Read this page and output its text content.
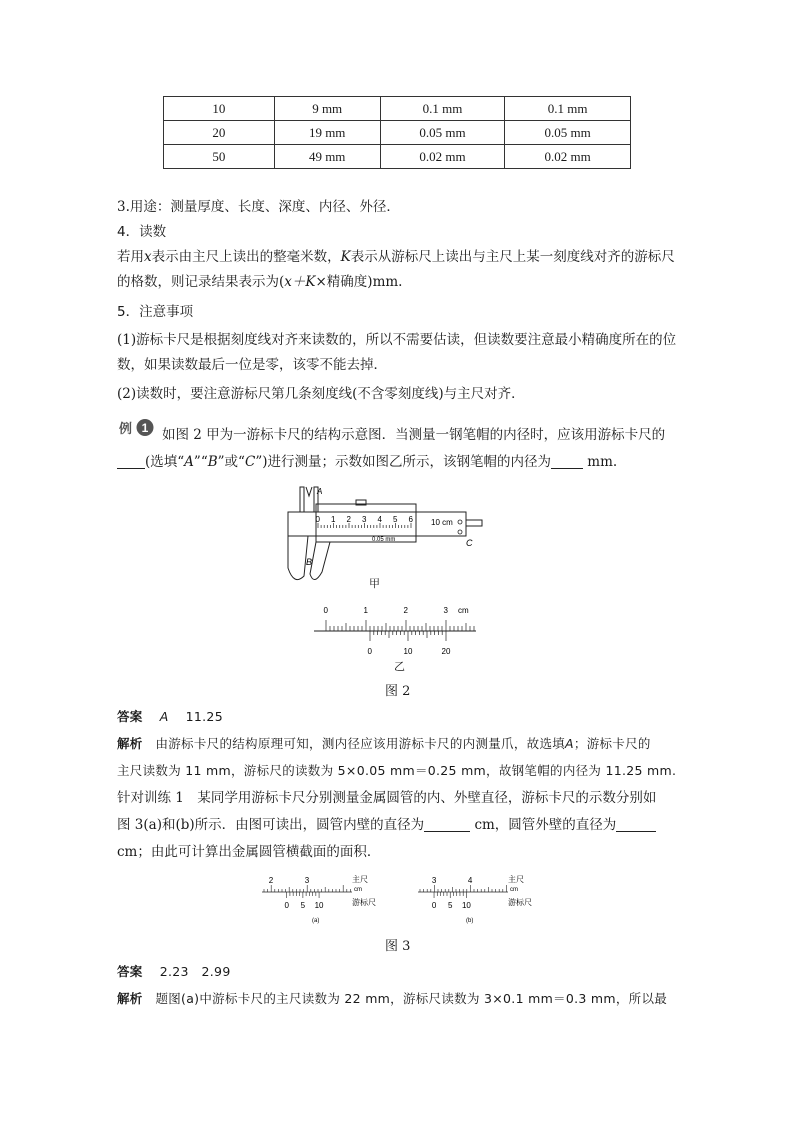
10	9 mm	0.1 mm	0.1 mm
20	19 mm	0.05 mm	0.05 mm
50	49 mm	0.02 mm	0.02 mm
3.用途：测量厚度、长度、深度、内径、外径．
4．读数
若用x表示由主尺上读出的整毫米数，K表示从游标尺上读出与主尺上某一刻度线对齐的游标尺的格数，则记录结果表示为(x＋K×精确度)mm.
5．注意事项
(1)游标卡尺是根据刻度线对齐来读数的，所以不需要估读，但读数要注意最小精确度所在的位数，如果读数最后一位是零，该零不能去掉．
(2)读数时，要注意游标尺第几条刻度线(不含零刻度线)与主尺对齐．
例 1 如图 2 甲为一游标卡尺的结构示意图．当测量一钢笔帽的内径时，应该用游标卡尺的
(选填“A”“B”或“C”)进行测量；示数如图乙所示，该钢笔帽的内径为	mm.
0 1 2 3 4 5 6
A
10 cm
0.05 mm
B
C
甲
0	1	2	3
0	10	20
cm
乙
图 2
答案 A 11.25
解析 由游标卡尺的结构原理可知，测内径应该用游标卡尺的内测量爪，故选填A；游标卡尺的
主尺读数为 11 mm，游标尺的读数为 5×0.05 mm＝0.25 mm，故钢笔帽的内径为 11.25 mm.
针对训练 1　某同学用游标卡尺分别测量金属圆管的内、外壁直径，游标卡尺的示数分别如
图 3(a)和(b)所示．由图可读出，圆管内壁的直径为	cm，圆管外壁的直径为
cm；由此可计算出金属圆管横截面的面积．
2	3
0 5 10
主尺
cm
游标尺
(a)
3	4
0 5 10
主尺
cm
游标尺
(b)
图 3
答案 2.23　2.99
解析 题图(a)中游标卡尺的主尺读数为 22 mm，游标尺读数为 3×0.1 mm＝0.3 mm，所以最
